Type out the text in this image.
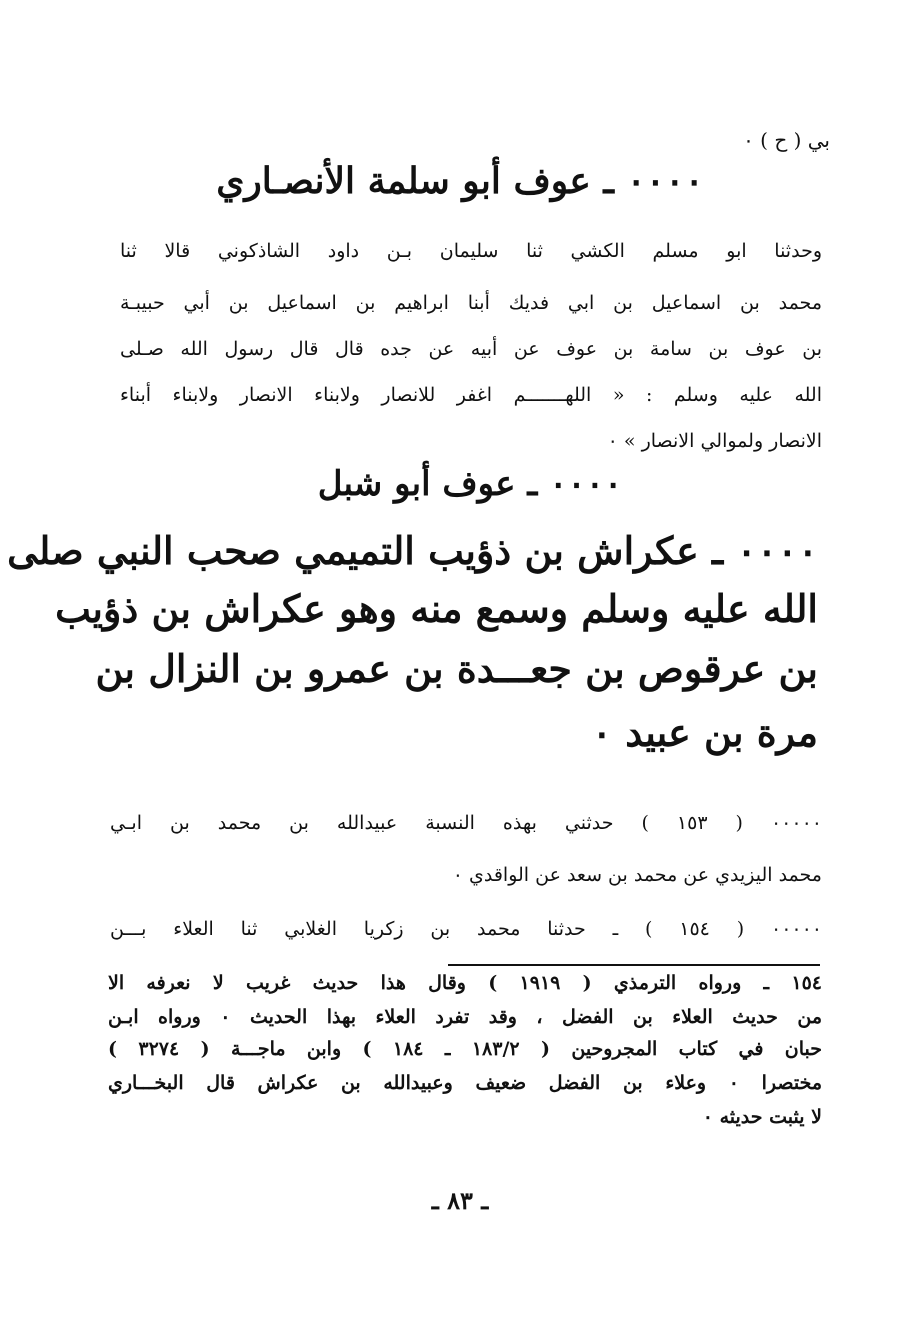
بي ( ح ) ٠
٠٠٠٠ ـ عوف أبو سلمة الأنصـاري
وحدثنا ابو مسلم الكشي ثنا سليمان بـن داود الشاذكوني قالا ثنا
محمد بن اسماعيل بن ابي فديك أبنا ابراهيم بن اسماعيل بن أبي حبيبـة
بن عوف بن سامة بن عوف عن أبيه عن جده قال قال رسول الله صـلى
الله عليه وسلم : « اللهـــــــم اغفر للانصار ولابناء الانصار ولابناء أبناء
الانصار ولموالي الانصار » ٠
٠٠٠٠ ـ عوف أبو شبل
٠٠٠٠ ـ عكراش بن ذؤيب التميمي صحب النبي صلى
الله عليه وسلم وسمع منه وهو عكراش بن ذؤيب
بن عرقوص بن جعـــدة بن عمرو بن النزال بن
مرة بن عبيد ٠
٠٠٠٠٠ ( ١٥٣ ) حدثني بهذه النسبة عبيدالله بن محمد بن ابـي
محمد اليزيدي عن محمد بن سعد عن الواقدي ٠
٠٠٠٠٠ ( ١٥٤ ) ـ حدثنا محمد بن زكريا الغلابي ثنا العلاء بـــن
١٥٤ ـ ورواه الترمذي ( ١٩١٩ ) وقال هذا حديث غريب لا نعرفه الا
من حديث العلاء بن الفضل ، وقد تفرد العلاء بهذا الحديث ٠ ورواه ابـن
حبان في كتاب المجروحين ( ١٨٣/٢ ـ ١٨٤ ) وابن ماجـــة ( ٣٢٧٤ )
مختصرا ٠ وعلاء بن الفضل ضعيف وعبيدالله بن عكراش قال البخـــاري
لا يثبت حديثه ٠
ـ ٨٣ ـ
